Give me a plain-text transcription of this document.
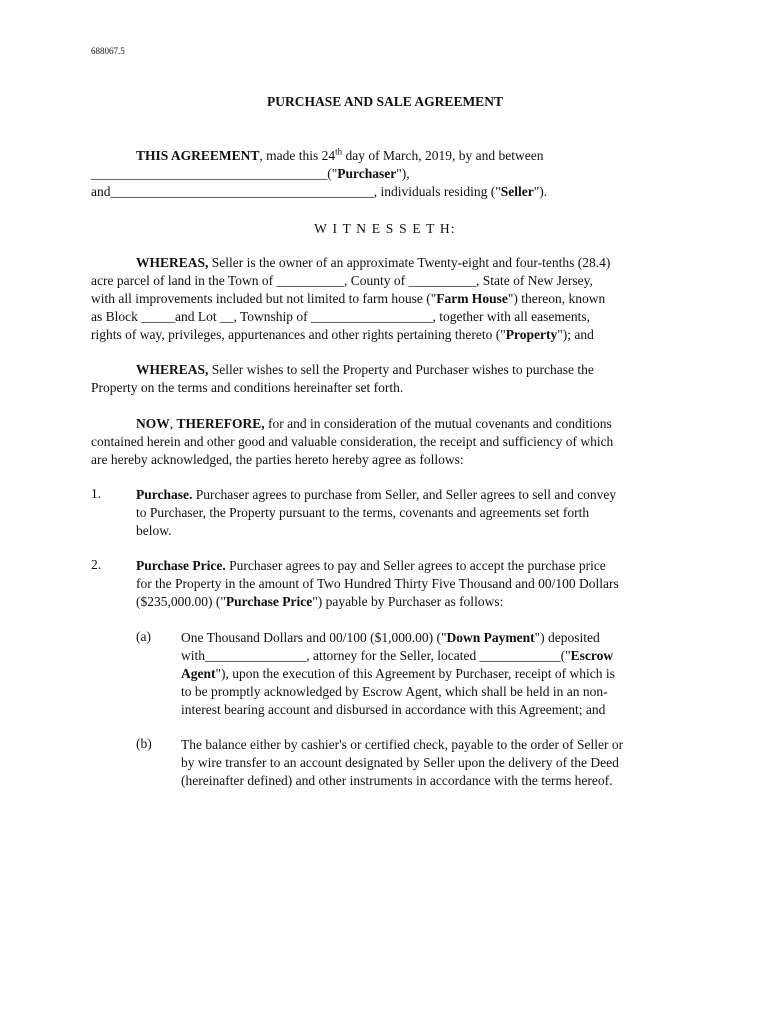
688067.5
PURCHASE AND SALE AGREEMENT
THIS AGREEMENT, made this 24th day of March, 2019, by and between
___________________________________("Purchaser"),
and_______________________________________, individuals residing ("Seller").
W I T N E S S E T H:
WHEREAS, Seller is the owner of an approximate Twenty-eight and four-tenths (28.4)
acre parcel of land in the Town of __________, County of __________, State of New Jersey,
with all improvements included but not limited to farm house ("Farm House") thereon, known
as Block _____and Lot __, Township of __________________, together with all easements,
rights of way, privileges, appurtenances and other rights pertaining thereto ("Property"); and
WHEREAS, Seller wishes to sell the Property and Purchaser wishes to purchase the
Property on the terms and conditions hereinafter set forth.
NOW, THEREFORE, for and in consideration of the mutual covenants and conditions
contained herein and other good and valuable consideration, the receipt and sufficiency of which
are hereby acknowledged, the parties hereto hereby agree as follows:
1.	Purchase. Purchaser agrees to purchase from Seller, and Seller agrees to sell and convey
to Purchaser, the Property pursuant to the terms, covenants and agreements set forth
below.
2.	Purchase Price. Purchaser agrees to pay and Seller agrees to accept the purchase price
for the Property in the amount of Two Hundred Thirty Five Thousand and 00/100 Dollars
($235,000.00) ("Purchase Price") payable by Purchaser as follows:
(a) One Thousand Dollars and 00/100 ($1,000.00) ("Down Payment") deposited
with_______________, attorney for the Seller, located ____________("Escrow
Agent"), upon the execution of this Agreement by Purchaser, receipt of which is
to be promptly acknowledged by Escrow Agent, which shall be held in an non-
interest bearing account and disbursed in accordance with this Agreement; and
(b) The balance either by cashier's or certified check, payable to the order of Seller or
by wire transfer to an account designated by Seller upon the delivery of the Deed
(hereinafter defined) and other instruments in accordance with the terms hereof.
